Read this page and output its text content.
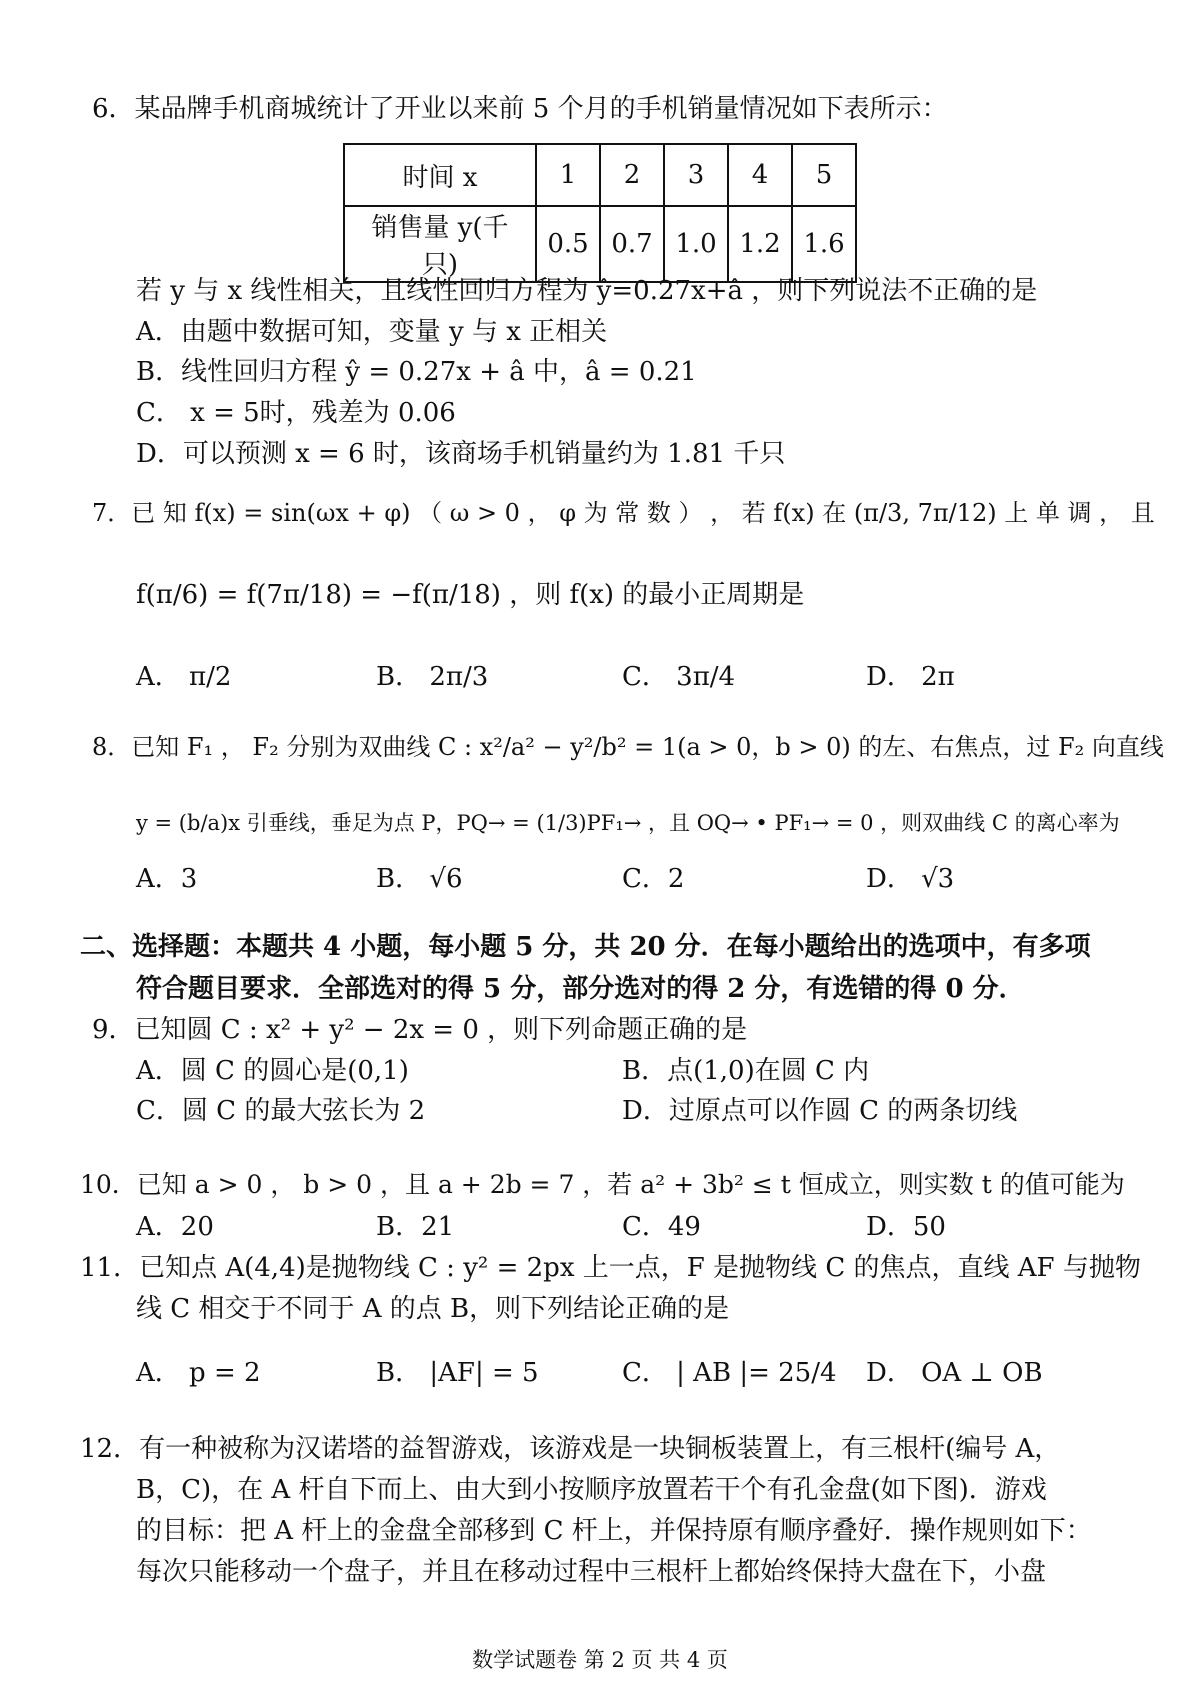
6．某品牌手机商城统计了开业以来前 5 个月的手机销量情况如下表所示：
时间 x	1	2	3	4	5
销售量 y(千只)	0.5	0.7	1.0	1.2	1.6
若 y 与 x 线性相关，且线性回归方程为 ŷ=0.27x+â ，则下列说法不正确的是
A．由题中数据可知，变量 y 与 x 正相关
B．线性回归方程 ŷ = 0.27x + â 中，â = 0.21
C． x = 5时，残差为 0.06
D．可以预测 x = 6 时，该商场手机销量约为 1.81 千只
7．已 知 f(x) = sin(ωx + φ) （ ω > 0 ， φ 为 常 数 ） ， 若 f(x) 在 (π/3, 7π/12) 上 单 调 ， 且
f(π/6) = f(7π/18) = −f(π/18) ，则 f(x) 的最小正周期是
A． π/2	B． 2π/3	C． 3π/4	D． 2π
8．已知 F₁ ， F₂ 分别为双曲线 C : x²/a² − y²/b² = 1(a > 0，b > 0) 的左、右焦点，过 F₂ 向直线
y = (b/a)x 引垂线，垂足为点 P，PQ→ = (1/3)PF₁→ ，且 OQ→ • PF₁→ = 0 ，则双曲线 C 的离心率为
A．3	B． √6	C．2	D． √3
二、选择题：本题共 4 小题，每小题 5 分，共 20 分．在每小题给出的选项中，有多项
符合题目要求．全部选对的得 5 分，部分选对的得 2 分，有选错的得 0 分．
9．已知圆 C : x² + y² − 2x = 0 ，则下列命题正确的是
A．圆 C 的圆心是(0,1)	B．点(1,0)在圆 C 内
C．圆 C 的最大弦长为 2	D．过原点可以作圆 C 的两条切线
10．已知 a > 0 ， b > 0 ，且 a + 2b = 7 ，若 a² + 3b² ≤ t 恒成立，则实数 t 的值可能为
A．20	B．21	C．49	D．50
11．已知点 A(4,4)是抛物线 C : y² = 2px 上一点，F 是抛物线 C 的焦点，直线 AF 与抛物
线 C 相交于不同于 A 的点 B，则下列结论正确的是
A． p = 2	B． |AF| = 5	C． | AB |= 25/4 D． OA ⊥ OB
12．有一种被称为汉诺塔的益智游戏，该游戏是一块铜板装置上，有三根杆(编号 A，
B，C)，在 A 杆自下而上、由大到小按顺序放置若干个有孔金盘(如下图)．游戏
的目标：把 A 杆上的金盘全部移到 C 杆上，并保持原有顺序叠好．操作规则如下：
每次只能移动一个盘子，并且在移动过程中三根杆上都始终保持大盘在下，小盘
数学试题卷 第 2 页 共 4 页
